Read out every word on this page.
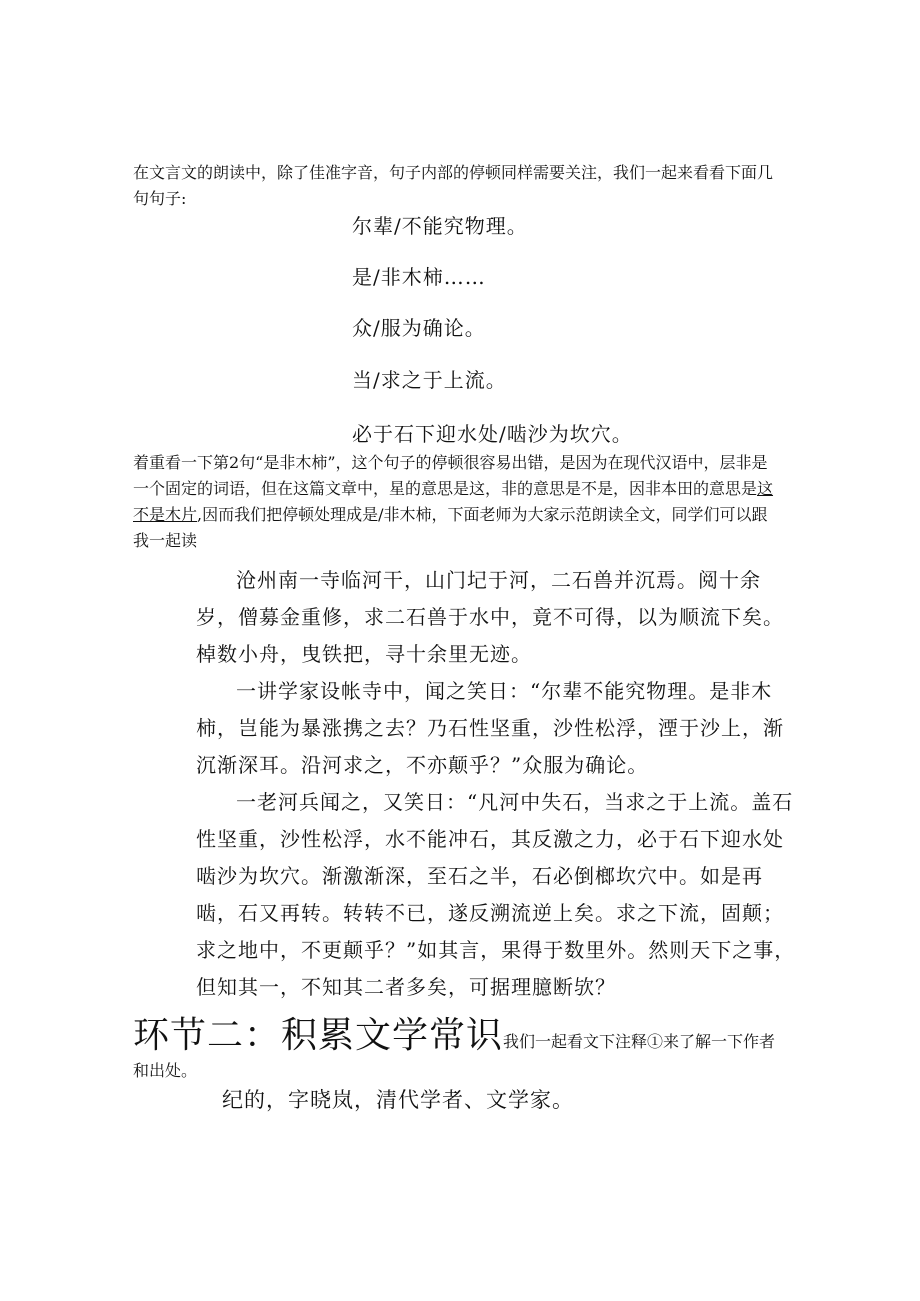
在文言文的朗读中，除了佳准字音，句子内部的停顿同样需要关注，我们一起来看看下面几句句子:
尔辈/不能究物理。
是/非木柿……
众/服为确论。
当/求之于上流。
必于石下迎水处/啮沙为坎穴。
着重看一下第2句“是非木柿”，这个句子的停顿很容易出错，是因为在现代汉语中，层非是一个固定的词语，但在这篇文章中，星的意思是这，非的意思是不是，因非本田的意思是这不是木片,因而我们把停顿处理成是/非木柿，下面老师为大家示范朗读全文，同学们可以跟我一起读

沧州南一寺临河干，山门圮于河，二石兽并沉焉。阅十余岁，僧募金重修，求二石兽于水中，竟不可得，以为顺流下矣。棹数小舟，曳铁把，寻十余里无迹。

一讲学家设帐寺中，闻之笑日：“尔辈不能究物理。是非木柿，岂能为暴涨携之去？乃石性坚重，沙性松浮，湮于沙上，渐沉渐深耳。沿河求之，不亦颠乎？”众服为确论。

一老河兵闻之，又笑日：“凡河中失石，当求之于上流。盖石性坚重，沙性松浮，水不能冲石，其反激之力，必于石下迎水处啮沙为坎穴。渐激渐深，至石之半，石必倒榔坎穴中。如是再啮，石又再转。转转不已，遂反溯流逆上矣。求之下流，固颠；求之地中，不更颠乎？”如其言，果得于数里外。然则天下之事，但知其一，不知其二者多矣，可据理臆断欤？

环节二：积累文学常识我们一起看文下注释①来了解一下作者
和出处。
纪的，字晓岚，清代学者、文学家。
